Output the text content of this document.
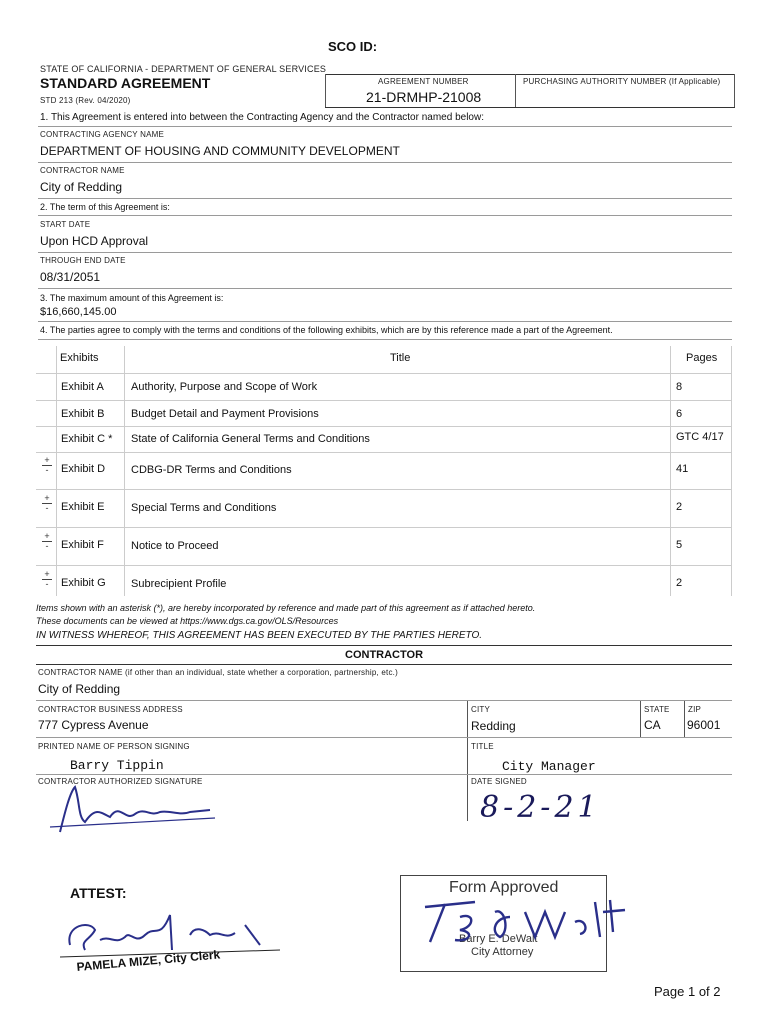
SCO ID:
STATE OF CALIFORNIA - DEPARTMENT OF GENERAL SERVICES
STANDARD AGREEMENT
STD 213 (Rev. 04/2020)
AGREEMENT NUMBER
21-DRMHP-21008
PURCHASING AUTHORITY NUMBER (If Applicable)
1. This Agreement is entered into between the Contracting Agency and the Contractor named below:
CONTRACTING AGENCY NAME
DEPARTMENT OF HOUSING AND COMMUNITY DEVELOPMENT
CONTRACTOR NAME
City of Redding
2. The term of this Agreement is:
START DATE
Upon HCD Approval
THROUGH END DATE
08/31/2051
3. The maximum amount of this Agreement is:
$16,660,145.00
4. The parties agree to comply with the terms and conditions of the following exhibits, which are by this reference made a part of the Agreement.
Exhibits	Title	Pages
Exhibit A Authority, Purpose and Scope of Work	8
Exhibit B Budget Detail and Payment Provisions	6
Exhibit C * State of California General Terms and Conditions	GTC 4/17
+
-	Exhibit D CDBG-DR Terms and Conditions	41
+
-	Exhibit E Special Terms and Conditions	2
+
-	Exhibit F Notice to Proceed	5
+
-	Exhibit G Subrecipient Profile	2
Items shown with an asterisk (*), are hereby incorporated by reference and made part of this agreement as if attached hereto.
These documents can be viewed at https://www.dgs.ca.gov/OLS/Resources
IN WITNESS WHEREOF, THIS AGREEMENT HAS BEEN EXECUTED BY THE PARTIES HERETO.
CONTRACTOR
CONTRACTOR NAME (if other than an individual, state whether a corporation, partnership, etc.)
City of Redding
CONTRACTOR BUSINESS ADDRESS
777 Cypress Avenue
CITY
Redding
STATE
CA
ZIP
96001
PRINTED NAME OF PERSON SIGNING
Barry Tippin
TITLE
City Manager
CONTRACTOR AUTHORIZED SIGNATURE	DATE SIGNED
8-2-21
ATTEST:
PAMELA MIZE, City Clerk
Form Approved
Barry E. DeWalt
City Attorney
Page 1 of 2
